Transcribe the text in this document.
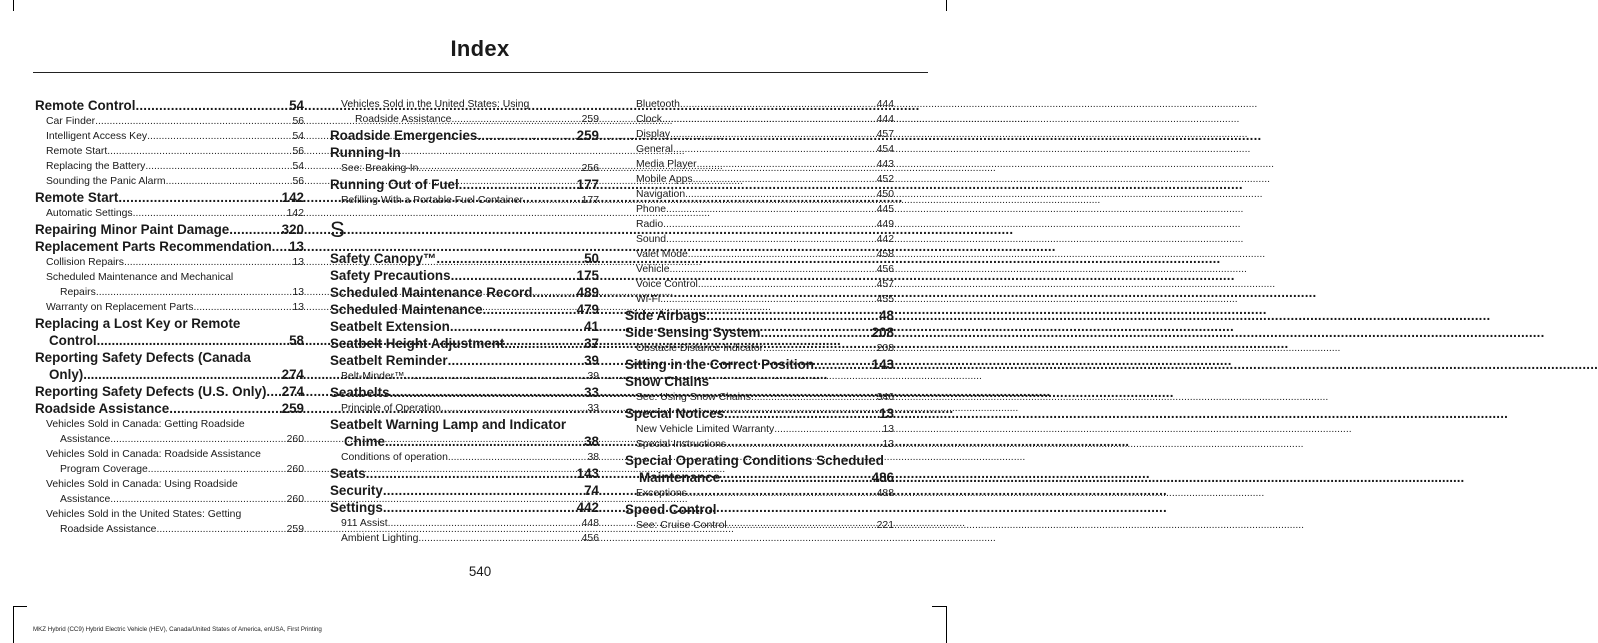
Index
Remote Control .....	54
Car Finder .....	56
Intelligent Access Key .....	54
Remote Start .....	56
Replacing the Battery .....	54
Sounding the Panic Alarm .....	56
Remote Start .....	142
Automatic Settings .....	142
Repairing Minor Paint Damage .....	320
Replacement Parts Recommendation ..... 13
Collision Repairs .....	13
Scheduled Maintenance and Mechanical
Repairs .....	13
Warranty on Replacement Parts .....	13
Replacing a Lost Key or Remote
Control .....	58
Reporting Safety Defects (Canada
Only) .....	274
Reporting Safety Defects (U.S. Only) ..... 274
Roadside Assistance .....	259
Vehicles Sold in Canada: Getting Roadside
Assistance .....	260
Vehicles Sold in Canada: Roadside Assistance
Program Coverage .....	260
Vehicles Sold in Canada: Using Roadside
Assistance .....	260
Vehicles Sold in the United States: Getting
Roadside Assistance .....	259
Vehicles Sold in the United States: Using
Roadside Assistance .....	259
Roadside Emergencies .....	259
Running-In
See: Breaking-In .....	256
Running Out of Fuel .....	177
Refilling With a Portable Fuel Container .....	177
S
Safety Canopy™ .....	50
Safety Precautions .....	175
Scheduled Maintenance Record .....	489
Scheduled Maintenance .....	479
Seatbelt Extension .....	41
Seatbelt Height Adjustment .....	37
Seatbelt Reminder .....	39
Belt-Minder™ .....	39
Seatbelts .....	33
Principle of Operation .....	33
Seatbelt Warning Lamp and Indicator
Chime .....	38
Conditions of operation .....	38
Seats .....	143
Security .....	74
Settings .....	442
911 Assist .....	448
Ambient Lighting .....	456
Bluetooth .....	444
Clock .....	444
Display .....	457
General .....	454
Media Player .....	443
Mobile Apps .....	452
Navigation .....	450
Phone .....	445
Radio .....	449
Sound .....	442
Valet Mode .....	458
Vehicle .....	456
Voice Control .....	457
Wi-Fi .....	455
Side Airbags .....	48
Side Sensing System .....	208
Obstacle Distance Indicator .....	208
Sitting in the Correct Position .....	143
Snow Chains
See: Using Snow Chains .....	346
Special Notices .....	13
New Vehicle Limited Warranty .....	13
Special Instructions .....	13
Special Operating Conditions Scheduled
Maintenance .....	486
Exceptions .....	488
Speed Control
See: Cruise Control .....	221
540
MKZ Hybrid (CC9) Hybrid Electric Vehicle (HEV), Canada/United States of America, enUSA, First Printing
